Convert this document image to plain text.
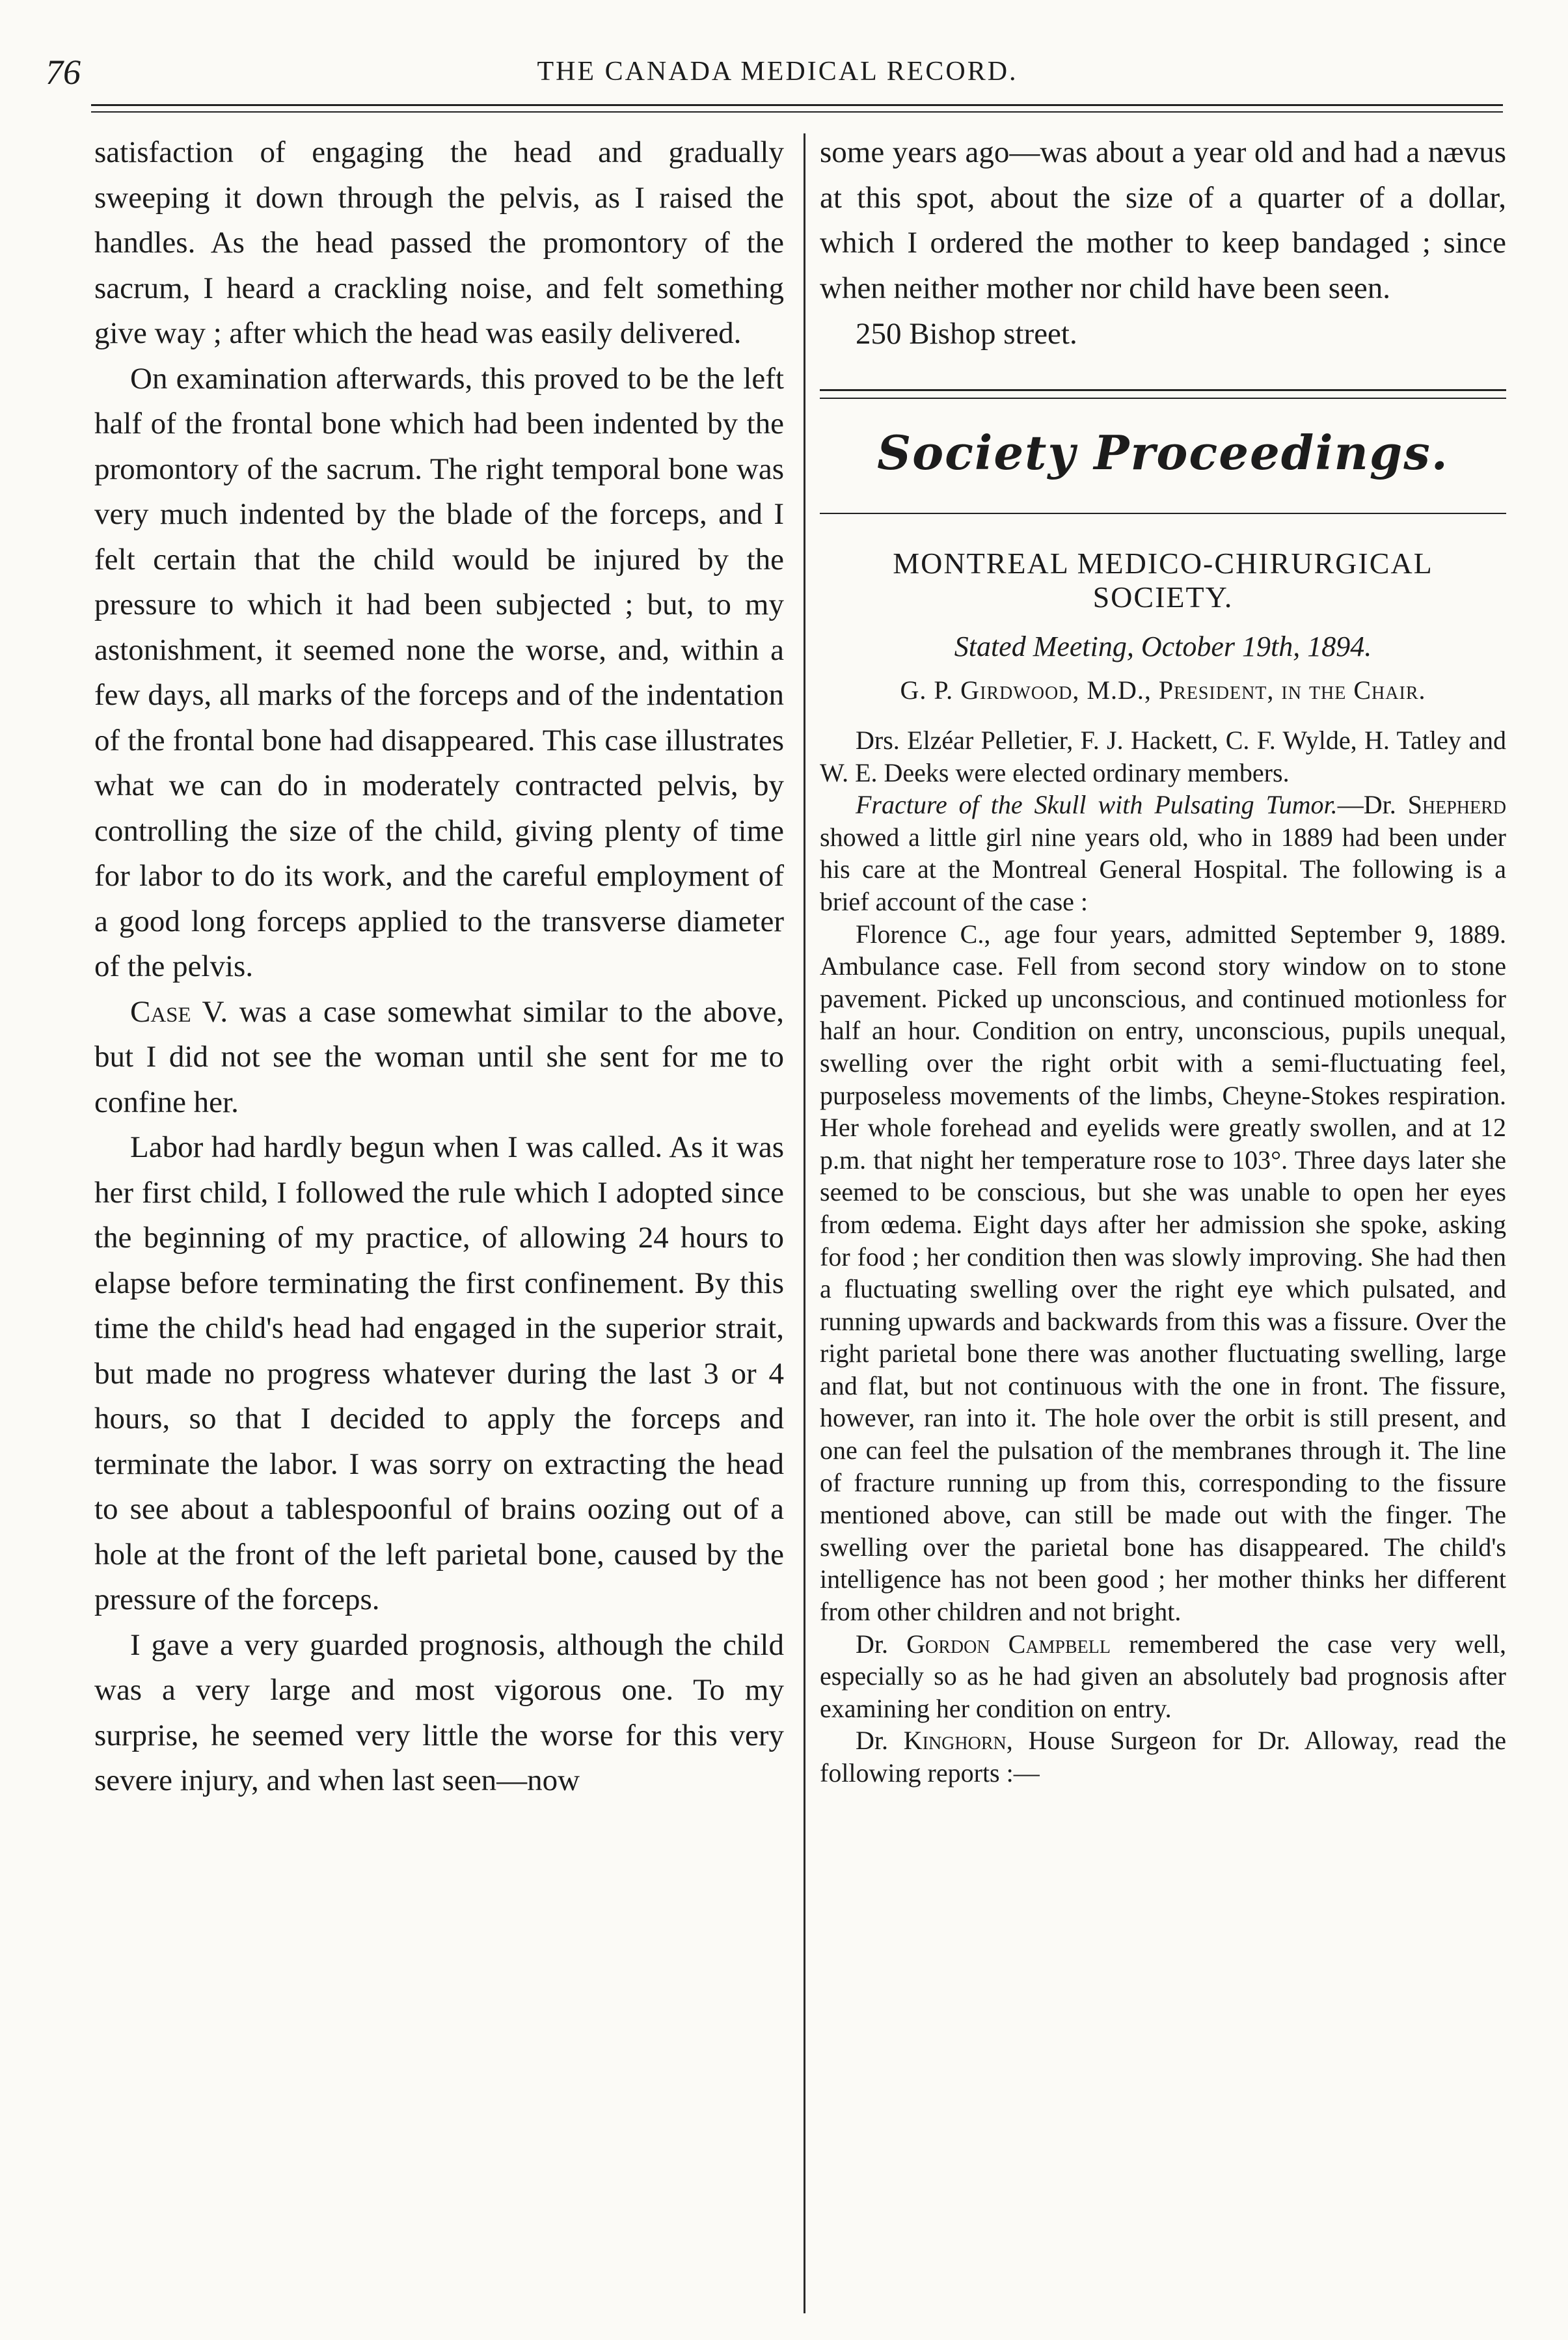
76	THE CANADA MEDICAL RECORD.

satisfaction of engaging the head and gradually sweeping it down through the pelvis, as I raised the handles. As the head passed the promontory of the sacrum, I heard a crackling noise, and felt something give way ; after which the head was easily delivered.

On examination afterwards, this proved to be the left half of the frontal bone which had been indented by the promontory of the sacrum. The right temporal bone was very much indented by the blade of the forceps, and I felt certain that the child would be injured by the pressure to which it had been subjected ; but, to my astonishment, it seemed none the worse, and, within a few days, all marks of the forceps and of the indentation of the frontal bone had disappeared. This case illustrates what we can do in moderately contracted pelvis, by controlling the size of the child, giving plenty of time for labor to do its work, and the careful employment of a good long forceps applied to the transverse diameter of the pelvis.

Case V. was a case somewhat similar to the above, but I did not see the woman until she sent for me to confine her.

Labor had hardly begun when I was called. As it was her first child, I followed the rule which I adopted since the beginning of my practice, of allowing 24 hours to elapse before terminating the first confinement. By this time the child's head had engaged in the superior strait, but made no progress whatever during the last 3 or 4 hours, so that I decided to apply the forceps and terminate the labor. I was sorry on extracting the head to see about a tablespoonful of brains oozing out of a hole at the front of the left parietal bone, caused by the pressure of the forceps.

I gave a very guarded prognosis, although the child was a very large and most vigorous one. To my surprise, he seemed very little the worse for this very severe injury, and when last seen—now

some years ago—was about a year old and had a nævus at this spot, about the size of a quarter of a dollar, which I ordered the mother to keep bandaged ; since when neither mother nor child have been seen.

250 Bishop street.

Society Proceedings.
MONTREAL MEDICO-CHIRURGICAL SOCIETY.
Stated Meeting, October 19th, 1894.
G. P. Girdwood, M.D., President, in the Chair.

Drs. Elzéar Pelletier, F. J. Hackett, C. F. Wylde, H. Tatley and W. E. Deeks were elected ordinary members.

Fracture of the Skull with Pulsating Tumor.—Dr. Shepherd showed a little girl nine years old, who in 1889 had been under his care at the Montreal General Hospital. The following is a brief account of the case :

Florence C., age four years, admitted September 9, 1889. Ambulance case. Fell from second story window on to stone pavement. Picked up unconscious, and continued motionless for half an hour. Condition on entry, unconscious, pupils unequal, swelling over the right orbit with a semi-fluctuating feel, purposeless movements of the limbs, Cheyne-Stokes respiration. Her whole forehead and eyelids were greatly swollen, and at 12 p.m. that night her temperature rose to 103°. Three days later she seemed to be conscious, but she was unable to open her eyes from œdema. Eight days after her admission she spoke, asking for food ; her condition then was slowly improving. She had then a fluctuating swelling over the right eye which pulsated, and running upwards and backwards from this was a fissure. Over the right parietal bone there was another fluctuating swelling, large and flat, but not continuous with the one in front. The fissure, however, ran into it. The hole over the orbit is still present, and one can feel the pulsation of the membranes through it. The line of fracture running up from this, corresponding to the fissure mentioned above, can still be made out with the finger. The swelling over the parietal bone has disappeared. The child's intelligence has not been good ; her mother thinks her different from other children and not bright.

Dr. Gordon Campbell remembered the case very well, especially so as he had given an absolutely bad prognosis after examining her condition on entry.

Dr. Kinghorn, House Surgeon for Dr. Alloway, read the following reports :—
